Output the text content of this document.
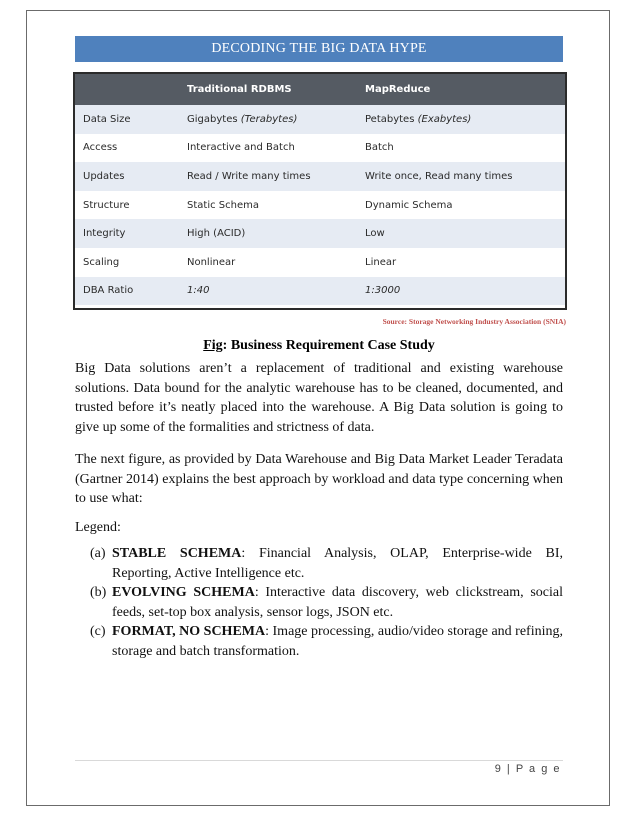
DECODING THE BIG DATA HYPE
	Traditional RDBMS	MapReduce
Data Size	Gigabytes (Terabytes)	Petabytes (Exabytes)
Access	Interactive and Batch	Batch
Updates	Read / Write many times	Write once, Read many times
Structure	Static Schema	Dynamic Schema
Integrity	High (ACID)	Low
Scaling	Nonlinear	Linear
DBA Ratio	1:40	1:3000
Source: Storage Networking Industry Association (SNIA)
Fig: Business Requirement Case Study

Big Data solutions aren’t a replacement of traditional and existing warehouse solutions. Data bound for the analytic warehouse has to be cleaned, documented, and trusted before it’s neatly placed into the warehouse. A Big Data solution is going to give up some of the formalities and strictness of data.

The next figure, as provided by Data Warehouse and Big Data Market Leader Teradata (Gartner 2014) explains the best approach by workload and data type concerning when to use what:

Legend:
(a) STABLE SCHEMA: Financial Analysis, OLAP, Enterprise-wide BI, Reporting, Active Intelligence etc.
(b) EVOLVING SCHEMA: Interactive data discovery, web clickstream, social feeds, set-top box analysis, sensor logs, JSON etc.
(c) FORMAT, NO SCHEMA: Image processing, audio/video storage and refining, storage and batch transformation.
9 | P a g e
